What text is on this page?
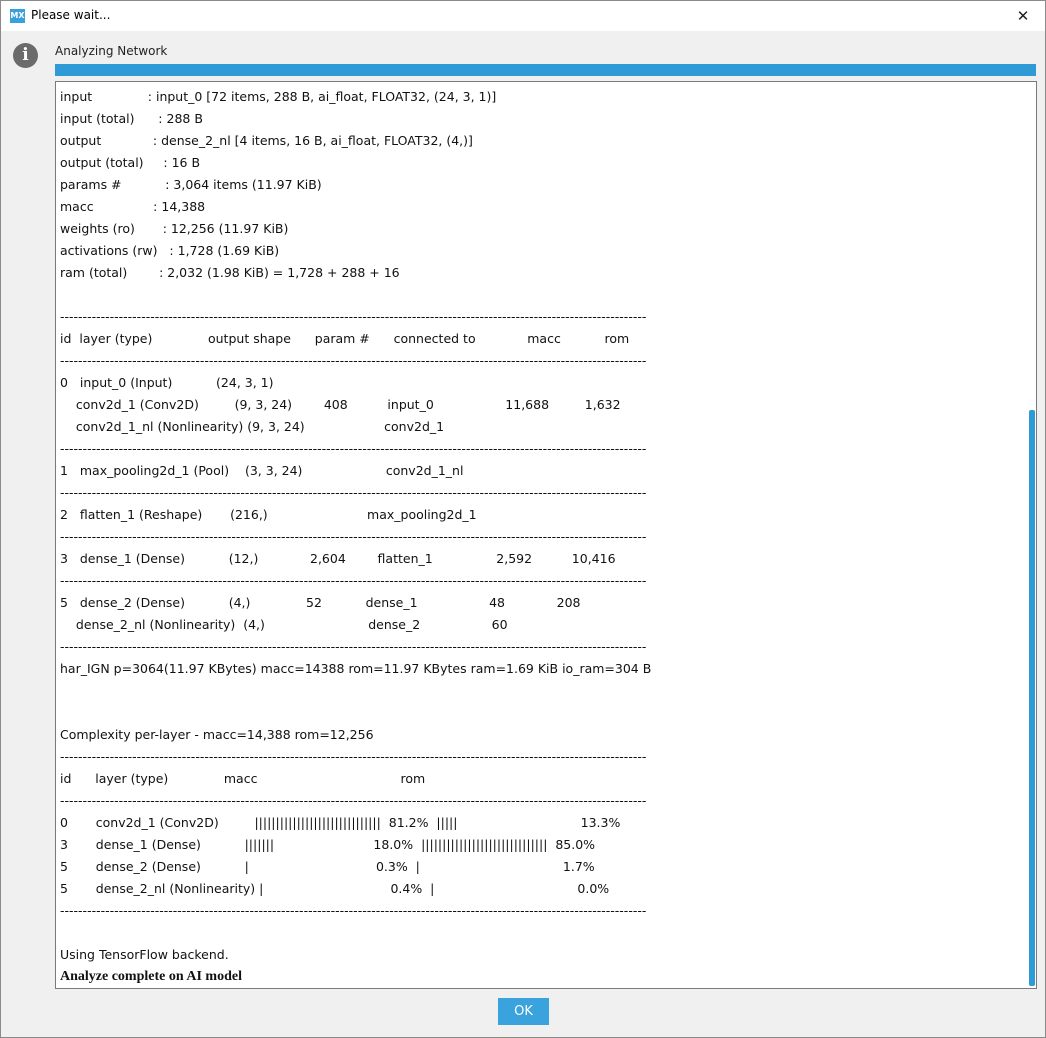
MX Please wait...	✕
i	Analyzing Network
input              : input_0 [72 items, 288 B, ai_float, FLOAT32, (24, 3, 1)]
input (total)      : 288 B
output             : dense_2_nl [4 items, 16 B, ai_float, FLOAT32, (4,)]
output (total)     : 16 B
params #           : 3,064 items (11.97 KiB)
macc               : 14,388
weights (ro)       : 12,256 (11.97 KiB)
activations (rw)   : 1,728 (1.69 KiB)
ram (total)        : 2,032 (1.98 KiB) = 1,728 + 288 + 16
----------------------------------------------------------------------------------------------------------------------------------
id  layer (type)              output shape      param #      connected to             macc           rom
----------------------------------------------------------------------------------------------------------------------------------
0   input_0 (Input)           (24, 3, 1)
conv2d_1 (Conv2D)         (9, 3, 24)        408          input_0                  11,688         1,632
conv2d_1_nl (Nonlinearity) (9, 3, 24)                    conv2d_1
----------------------------------------------------------------------------------------------------------------------------------
1   max_pooling2d_1 (Pool)    (3, 3, 24)                     conv2d_1_nl
----------------------------------------------------------------------------------------------------------------------------------
2   flatten_1 (Reshape)       (216,)                         max_pooling2d_1
----------------------------------------------------------------------------------------------------------------------------------
3   dense_1 (Dense)           (12,)             2,604        flatten_1                2,592          10,416
----------------------------------------------------------------------------------------------------------------------------------
5   dense_2 (Dense)           (4,)              52           dense_1                  48             208
dense_2_nl (Nonlinearity)  (4,)                          dense_2                  60
----------------------------------------------------------------------------------------------------------------------------------
har_IGN p=3064(11.97 KBytes) macc=14388 rom=11.97 KBytes ram=1.69 KiB io_ram=304 B
Complexity per-layer - macc=14,388 rom=12,256
----------------------------------------------------------------------------------------------------------------------------------
id      layer (type)              macc                                    rom
----------------------------------------------------------------------------------------------------------------------------------
0       conv2d_1 (Conv2D)         ||||||||||||||||||||||||||||||  81.2%  |||||                               13.3%
3       dense_1 (Dense)           |||||||                         18.0%  ||||||||||||||||||||||||||||||  85.0%
5       dense_2 (Dense)           |                                0.3%  |                                    1.7%
5       dense_2_nl (Nonlinearity) |                                0.4%  |                                    0.0%
----------------------------------------------------------------------------------------------------------------------------------
Using TensorFlow backend.
Analyze complete on AI model
OK
